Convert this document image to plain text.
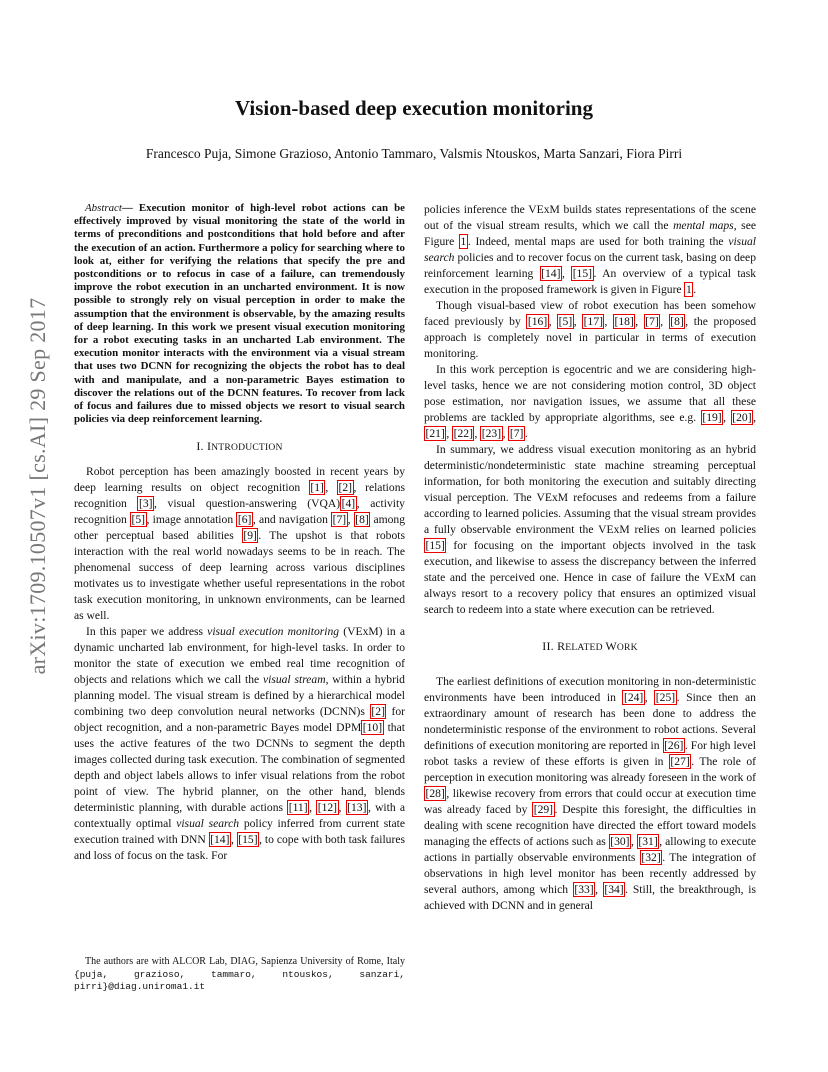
Vision-based deep execution monitoring
Francesco Puja, Simone Grazioso, Antonio Tammaro, Valsmis Ntouskos, Marta Sanzari, Fiora Pirri
arXiv:1709.10507v1 [cs.AI] 29 Sep 2017

Abstract— Execution monitor of high-level robot actions can be effectively improved by visual monitoring the state of the world in terms of preconditions and postconditions that hold before and after the execution of an action. Furthermore a policy for searching where to look at, either for verifying the relations that specify the pre and postconditions or to refocus in case of a failure, can tremendously improve the robot execution in an uncharted environment. It is now possible to strongly rely on visual perception in order to make the assumption that the environment is observable, by the amazing results of deep learning. In this work we present visual execution monitoring for a robot executing tasks in an uncharted Lab environment. The execution monitor interacts with the environment via a visual stream that uses two DCNN for recognizing the objects the robot has to deal with and manipulate, and a non-parametric Bayes estimation to discover the relations out of the DCNN features. To recover from lack of focus and failures due to missed objects we resort to visual search policies via deep reinforcement learning.

I. INTRODUCTION

Robot perception has been amazingly boosted in recent years by deep learning results on object recognition [1] , [2] , relations recognition [3] , visual question-answering (VQA) [4] , activity recognition [5] , image annotation [6] , and navigation [7] , [8] among other perceptual based abilities [9] . The upshot is that robots interaction with the real world nowadays seems to be in reach. The phenomenal success of deep learning across various disciplines motivates us to investigate whether useful representations in the robot task execution monitoring, in unknown environments, can be learned as well.

In this paper we address visual execution monitoring (VExM) in a dynamic uncharted lab environment, for high-level tasks. In order to monitor the state of execution we embed real time recognition of objects and relations which we call the visual stream, within a hybrid planning model. The visual stream is defined by a hierarchical model combining two deep convolution neural networks (DCNN)s [2] for object recognition, and a non-parametric Bayes model DPM [10] that uses the active features of the two DCNNs to segment the depth images collected during task execution. The combination of segmented depth and object labels allows to infer visual relations from the robot point of view. The hybrid planner, on the other hand, blends deterministic planning, with durable actions [11] , [12] , [13] , with a contextually optimal visual search policy inferred from current state execution trained with DNN [14] , [15] , to cope with both task failures and loss of focus on the task. For

The authors are with ALCOR Lab, DIAG, Sapienza University of Rome, Italy {puja, grazioso, tammaro, ntouskos, sanzari, pirri}@diag.uniroma1.it

policies inference the VExM builds states representations of the scene out of the visual stream results, which we call the mental maps, see Figure 1 . Indeed, mental maps are used for both training the visual search policies and to recover focus on the current task, basing on deep reinforcement learning [14] , [15] . An overview of a typical task execution in the proposed framework is given in Figure 1 .

Though visual-based view of robot execution has been somehow faced previously by [16] , [5] , [17] , [18] , [7] , [8] , the proposed approach is completely novel in particular in terms of execution monitoring.

In this work perception is egocentric and we are considering high-level tasks, hence we are not considering motion control, 3D object pose estimation, nor navigation issues, we assume that all these problems are tackled by appropriate algorithms, see e.g. [19] , [20] , [21] , [22] , [23] , [7] .

In summary, we address visual execution monitoring as an hybrid deterministic/nondeterministic state machine streaming perceptual information, for both monitoring the execution and suitably directing visual perception. The VExM refocuses and redeems from a failure according to learned policies. Assuming that the visual stream provides a fully observable environment the VExM relies on learned policies [15] for focusing on the important objects involved in the task execution, and likewise to assess the discrepancy between the inferred state and the perceived one. Hence in case of failure the VExM can always resort to a recovery policy that ensures an optimized visual search to redeem into a state where execution can be retrieved.

II. RELATED WORK

The earliest definitions of execution monitoring in non-deterministic environments have been introduced in [24] , [25] . Since then an extraordinary amount of research has been done to address the nondeterministic response of the environment to robot actions. Several definitions of execution monitoring are reported in [26] . For high level robot tasks a review of these efforts is given in [27] . The role of perception in execution monitoring was already foreseen in the work of [28] , likewise recovery from errors that could occur at execution time was already faced by [29] . Despite this foresight, the difficulties in dealing with scene recognition have directed the effort toward models managing the effects of actions such as [30] , [31] , allowing to execute actions in partially observable environments [32] . The integration of observations in high level monitor has been recently addressed by several authors, among which [33] , [34] . Still, the breakthrough, is achieved with DCNN and in general
